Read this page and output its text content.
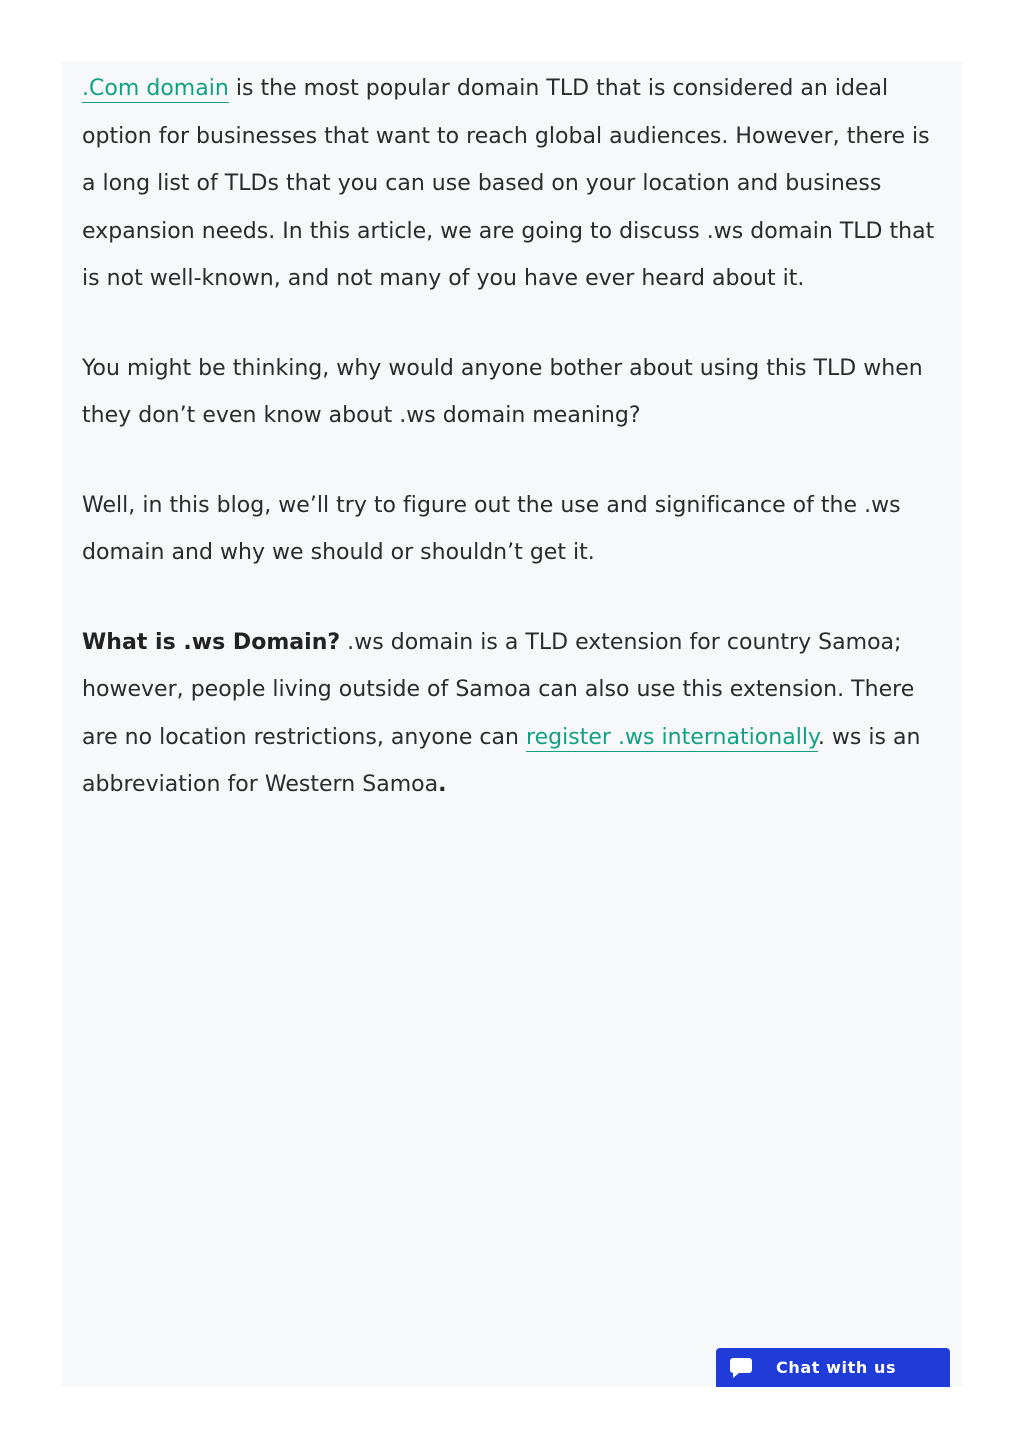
.Com domain is the most popular domain TLD that is considered an ideal option for businesses that want to reach global audiences. However, there is a long list of TLDs that you can use based on your location and business expansion needs. In this article, we are going to discuss .ws domain TLD that is not well-known, and not many of you have ever heard about it.

You might be thinking, why would anyone bother about using this TLD when they don’t even know about .ws domain meaning?

Well, in this blog, we’ll try to figure out the use and significance of the .ws domain and why we should or shouldn’t get it.

What is .ws Domain? .ws domain is a TLD extension for country Samoa; however, people living outside of Samoa can also use this extension. There are no location restrictions, anyone can register .ws internationally. ws is an abbreviation for Western Samoa.

Chat with us
